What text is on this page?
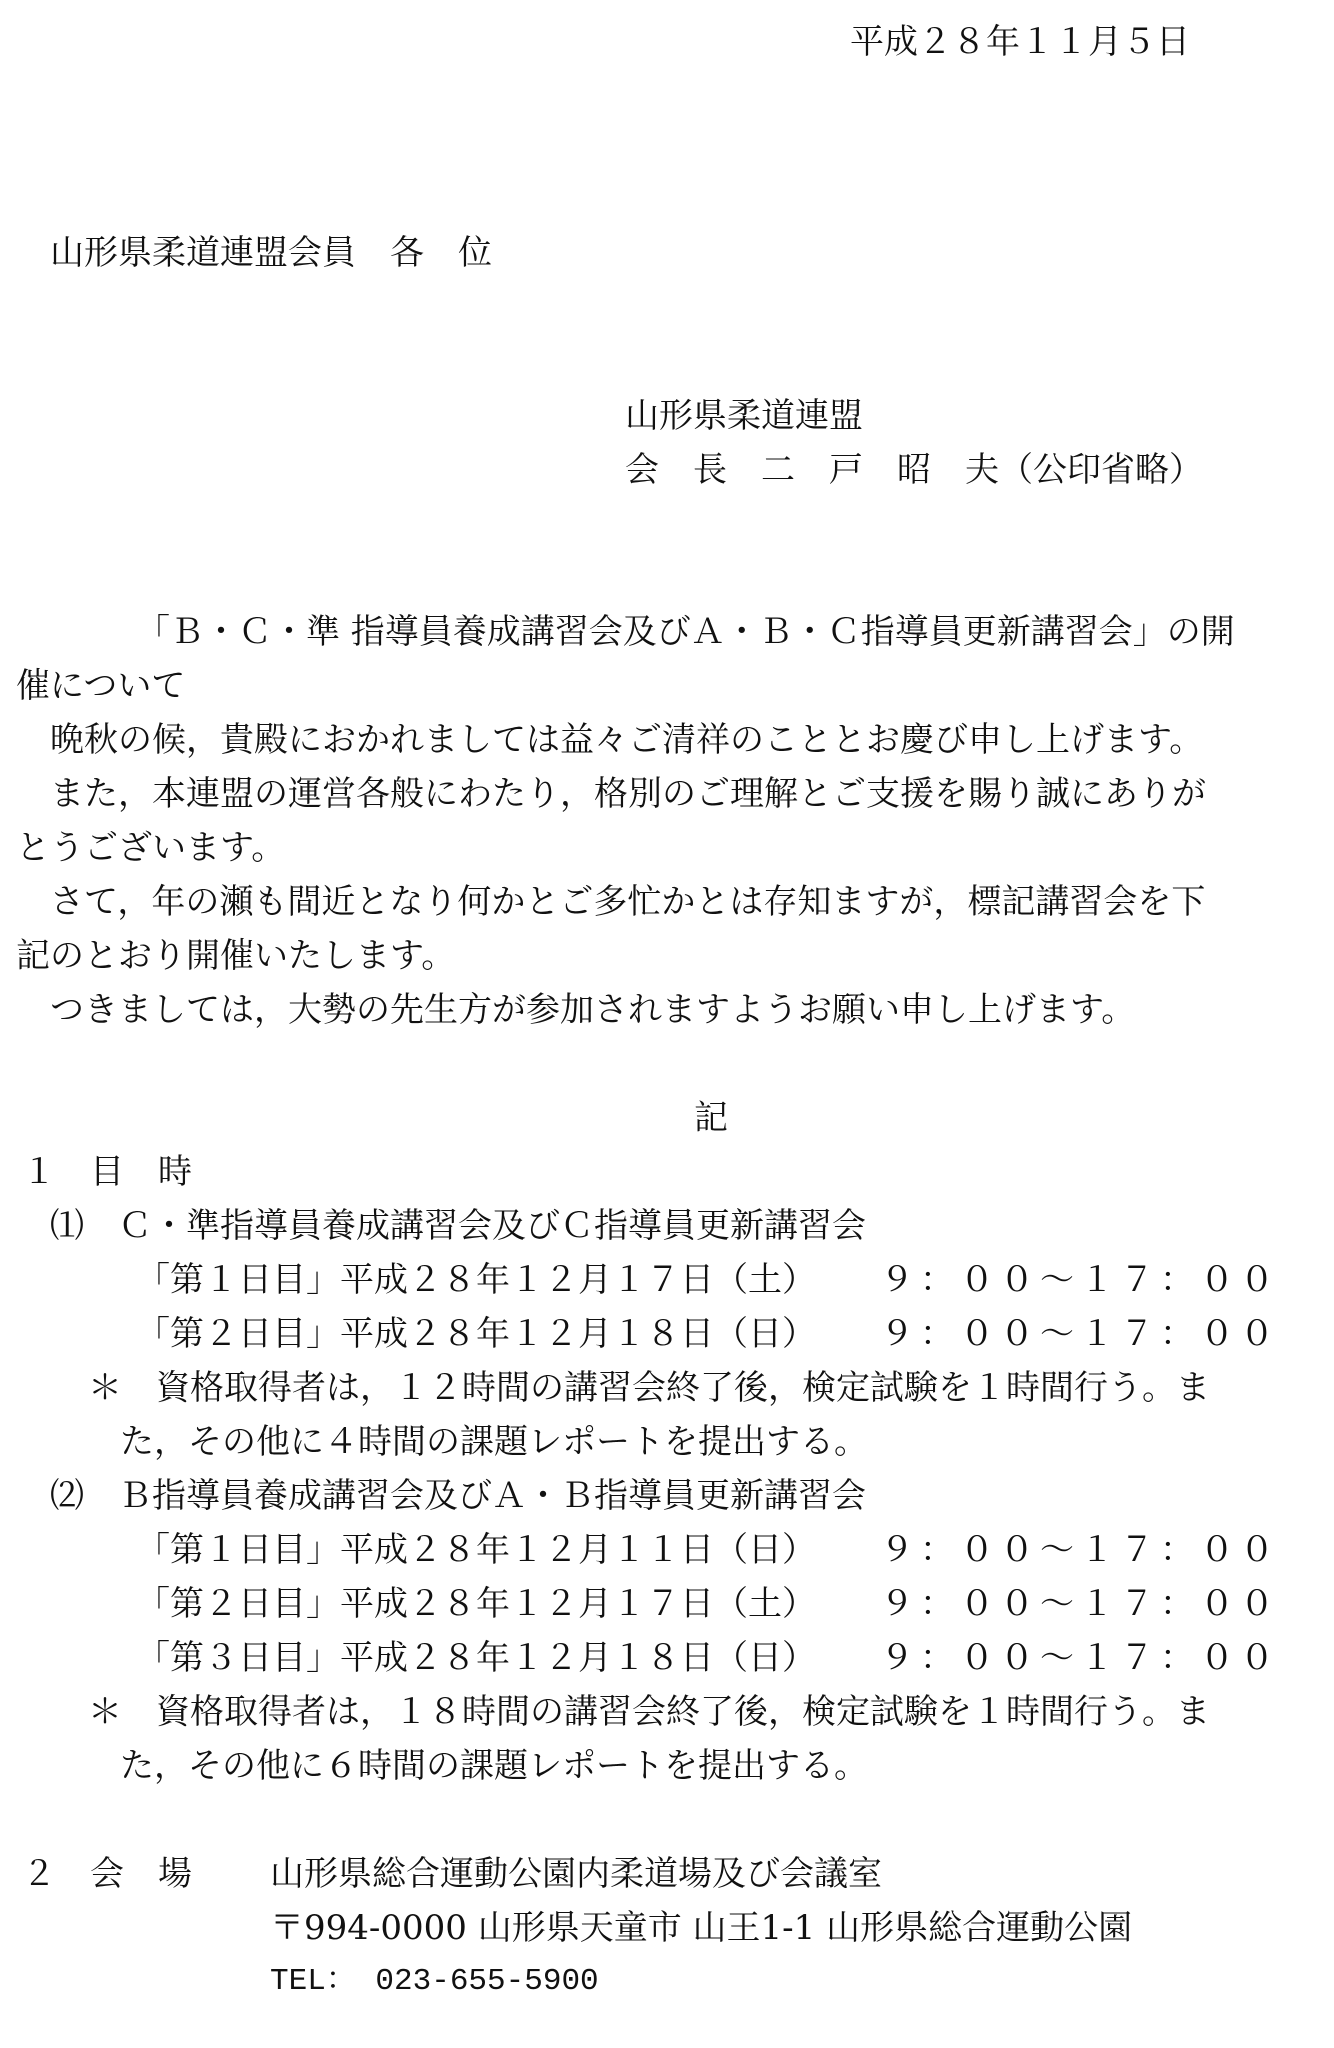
平成２８年１１月５日

山形県柔道連盟会員　各　位

山形県柔道連盟

会　長　二　戸　昭　夫（公印省略）

「Ｂ・Ｃ・準 指導員養成講習会及びＡ・Ｂ・Ｃ指導員更新講習会」の開

催について

晩秋の候，貴殿におかれましては益々ご清祥のこととお慶び申し上げます。

また，本連盟の運営各般にわたり，格別のご理解とご支援を賜り誠にありが

とうございます。

さて，年の瀬も間近となり何かとご多忙かとは存知ますが，標記講習会を下

記のとおり開催いたします。

つきましては，大勢の先生方が参加されますようお願い申し上げます。

記

１　目　時

⑴　Ｃ・準指導員養成講習会及びＣ指導員更新講習会

「第１日目」平成２８年１２月１７日（土） ９：００～１７：００

「第２日目」平成２８年１２月１８日（日） ９：００～１７：００

＊　資格取得者は，１２時間の講習会終了後，検定試験を１時間行う。ま

た，その他に４時間の課題レポートを提出する。

⑵　Ｂ指導員養成講習会及びＡ・Ｂ指導員更新講習会

「第１日目」平成２８年１２月１１日（日） ９：００～１７：００

「第２日目」平成２８年１２月１７日（土） ９：００～１７：００

「第３日目」平成２８年１２月１８日（日） ９：００～１７：００

＊　資格取得者は，１８時間の講習会終了後，検定試験を１時間行う。ま

た，その他に６時間の課題レポートを提出する。

２　会　場 山形県総合運動公園内柔道場及び会議室

〒994-0000 山形県天童市 山王1-1 山形県総合運動公園

TEL： 023-655-5900
